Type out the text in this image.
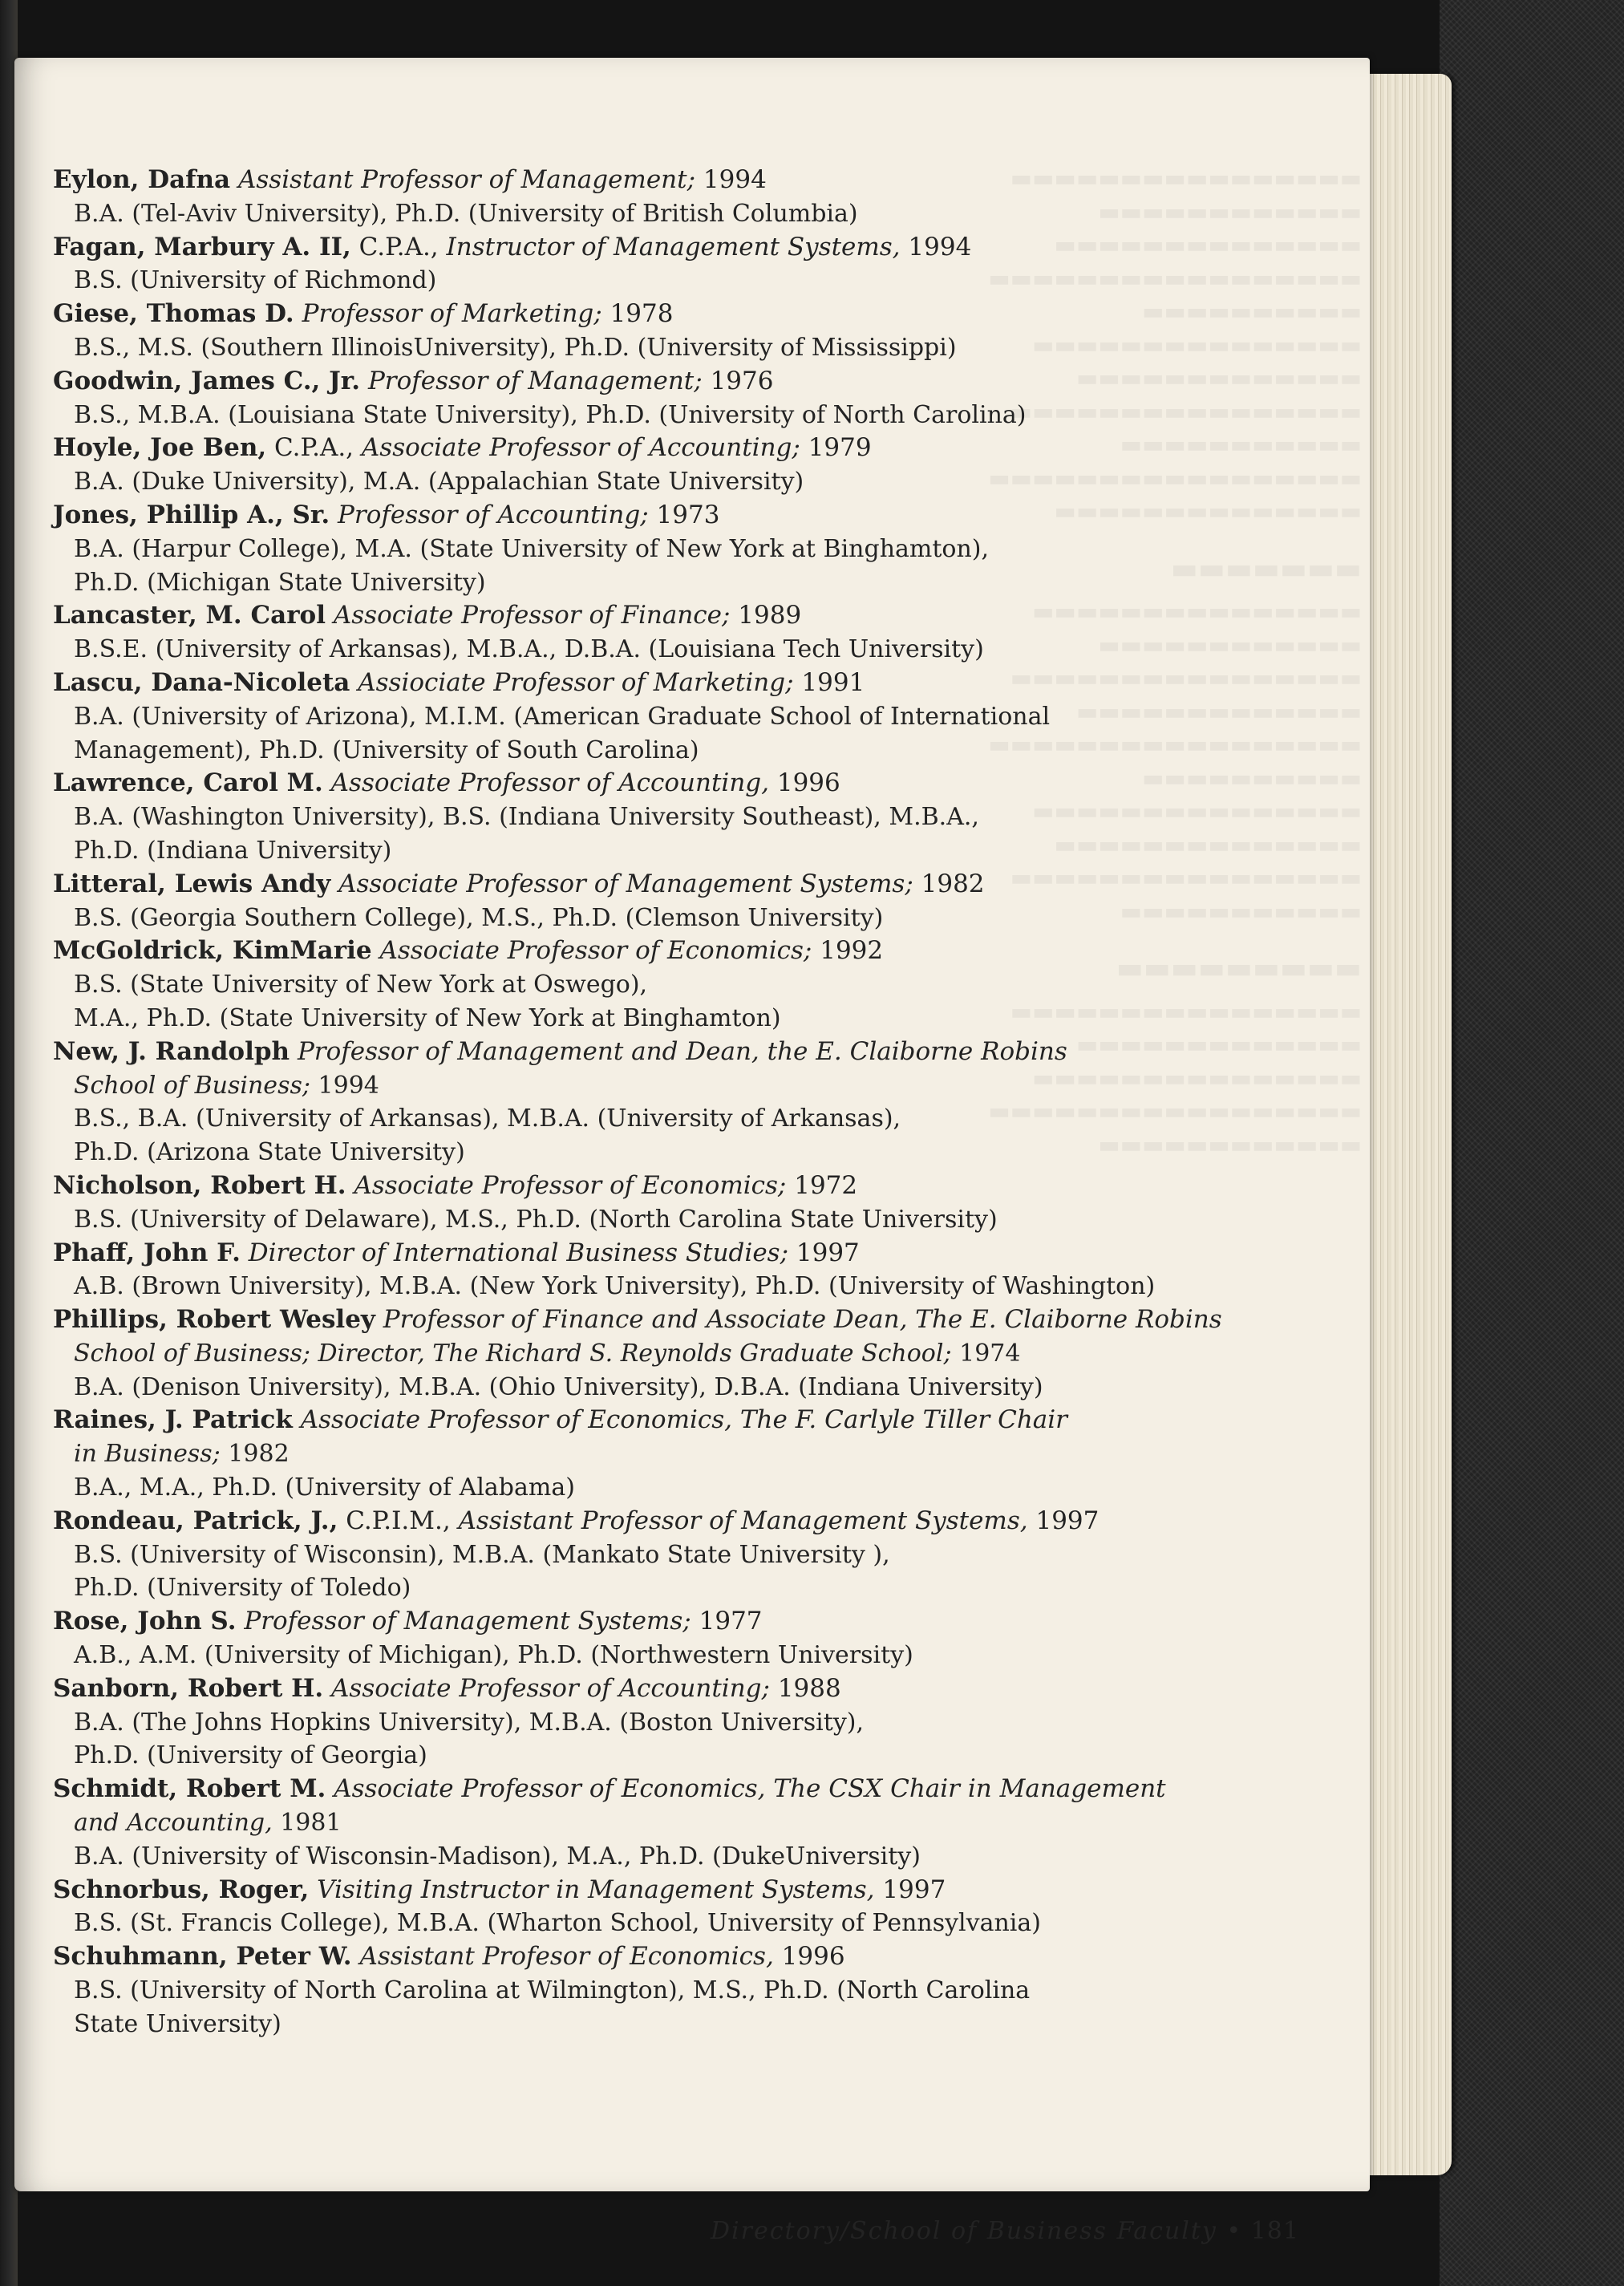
▬▬▬▬▬▬▬▬▬▬▬▬▬▬▬▬
▬▬▬▬▬▬▬▬▬▬▬▬
▬▬▬▬▬▬▬▬▬▬▬▬▬▬
▬▬▬▬▬▬▬▬▬▬▬▬▬▬▬▬▬
▬▬▬▬▬▬▬▬▬▬
▬▬▬▬▬▬▬▬▬▬▬▬▬▬▬
▬▬▬▬▬▬▬▬▬▬▬▬▬
▬▬▬▬▬▬▬▬▬▬▬▬▬▬▬▬
▬▬▬▬▬▬▬▬▬▬▬
▬▬▬▬▬▬▬▬▬▬▬▬▬▬▬▬▬
▬▬▬▬▬▬▬▬▬▬▬▬▬▬
▬▬▬▬▬▬▬
▬▬▬▬▬▬▬▬▬▬▬▬▬▬▬
▬▬▬▬▬▬▬▬▬▬▬▬
▬▬▬▬▬▬▬▬▬▬▬▬▬▬▬▬
▬▬▬▬▬▬▬▬▬▬▬▬▬
▬▬▬▬▬▬▬▬▬▬▬▬▬▬▬▬▬
▬▬▬▬▬▬▬▬▬▬
▬▬▬▬▬▬▬▬▬▬▬▬▬▬▬
▬▬▬▬▬▬▬▬▬▬▬▬▬▬
▬▬▬▬▬▬▬▬▬▬▬▬▬▬▬▬
▬▬▬▬▬▬▬▬▬▬▬
▬▬▬▬▬▬▬▬▬
▬▬▬▬▬▬▬▬▬▬▬▬▬▬▬▬
▬▬▬▬▬▬▬▬▬▬▬▬▬
▬▬▬▬▬▬▬▬▬▬▬▬▬▬▬
▬▬▬▬▬▬▬▬▬▬▬▬▬▬▬▬▬
▬▬▬▬▬▬▬▬▬▬▬▬
Eylon, Dafna Assistant Professor of Management; 1994
B.A. (Tel-Aviv University), Ph.D. (University of British Columbia)
Fagan, Marbury A. II, C.P.A., Instructor of Management Systems, 1994
B.S. (University of Richmond)
Giese, Thomas D. Professor of Marketing; 1978
B.S., M.S. (Southern IllinoisUniversity), Ph.D. (University of Mississippi)
Goodwin, James C., Jr. Professor of Management; 1976
B.S., M.B.A. (Louisiana State University), Ph.D. (University of North Carolina)
Hoyle, Joe Ben, C.P.A., Associate Professor of Accounting; 1979
B.A. (Duke University), M.A. (Appalachian State University)
Jones, Phillip A., Sr. Professor of Accounting; 1973
B.A. (Harpur College), M.A. (State University of New York at Binghamton),
Ph.D. (Michigan State University)
Lancaster, M. Carol Associate Professor of Finance; 1989
B.S.E. (University of Arkansas), M.B.A., D.B.A. (Louisiana Tech University)
Lascu, Dana-Nicoleta Assiociate Professor of Marketing; 1991
B.A. (University of Arizona), M.I.M. (American Graduate School of International
Management), Ph.D. (University of South Carolina)
Lawrence, Carol M. Associate Professor of Accounting, 1996
B.A. (Washington University), B.S. (Indiana University Southeast), M.B.A.,
Ph.D. (Indiana University)
Litteral, Lewis Andy Associate Professor of Management Systems; 1982
B.S. (Georgia Southern College), M.S., Ph.D. (Clemson University)
McGoldrick, KimMarie Associate Professor of Economics; 1992
B.S. (State University of New York at Oswego),
M.A., Ph.D. (State University of New York at Binghamton)
New, J. Randolph Professor of Management and Dean, the E. Claiborne Robins
School of Business; 1994
B.S., B.A. (University of Arkansas), M.B.A. (University of Arkansas),
Ph.D. (Arizona State University)
Nicholson, Robert H. Associate Professor of Economics; 1972
B.S. (University of Delaware), M.S., Ph.D. (North Carolina State University)
Phaff, John F. Director of International Business Studies; 1997
A.B. (Brown University), M.B.A. (New York University), Ph.D. (University of Washington)
Phillips, Robert Wesley Professor of Finance and Associate Dean, The E. Claiborne Robins
School of Business; Director, The Richard S. Reynolds Graduate School; 1974
B.A. (Denison University), M.B.A. (Ohio University), D.B.A. (Indiana University)
Raines, J. Patrick Associate Professor of Economics, The F. Carlyle Tiller Chair
in Business; 1982
B.A., M.A., Ph.D. (University of Alabama)
Rondeau, Patrick, J., C.P.I.M., Assistant Professor of Management Systems, 1997
B.S. (University of Wisconsin), M.B.A. (Mankato State University ),
Ph.D. (University of Toledo)
Rose, John S. Professor of Management Systems; 1977
A.B., A.M. (University of Michigan), Ph.D. (Northwestern University)
Sanborn, Robert H. Associate Professor of Accounting; 1988
B.A. (The Johns Hopkins University), M.B.A. (Boston University),
Ph.D. (University of Georgia)
Schmidt, Robert M. Associate Professor of Economics, The CSX Chair in Management
and Accounting, 1981
B.A. (University of Wisconsin-Madison), M.A., Ph.D. (DukeUniversity)
Schnorbus, Roger, Visiting Instructor in Management Systems, 1997
B.S. (St. Francis College), M.B.A. (Wharton School, University of Pennsylvania)
Schuhmann, Peter W. Assistant Profesor of Economics, 1996
B.S. (University of North Carolina at Wilmington), M.S., Ph.D. (North Carolina
State University)
Directory/School of Business Faculty • 181
